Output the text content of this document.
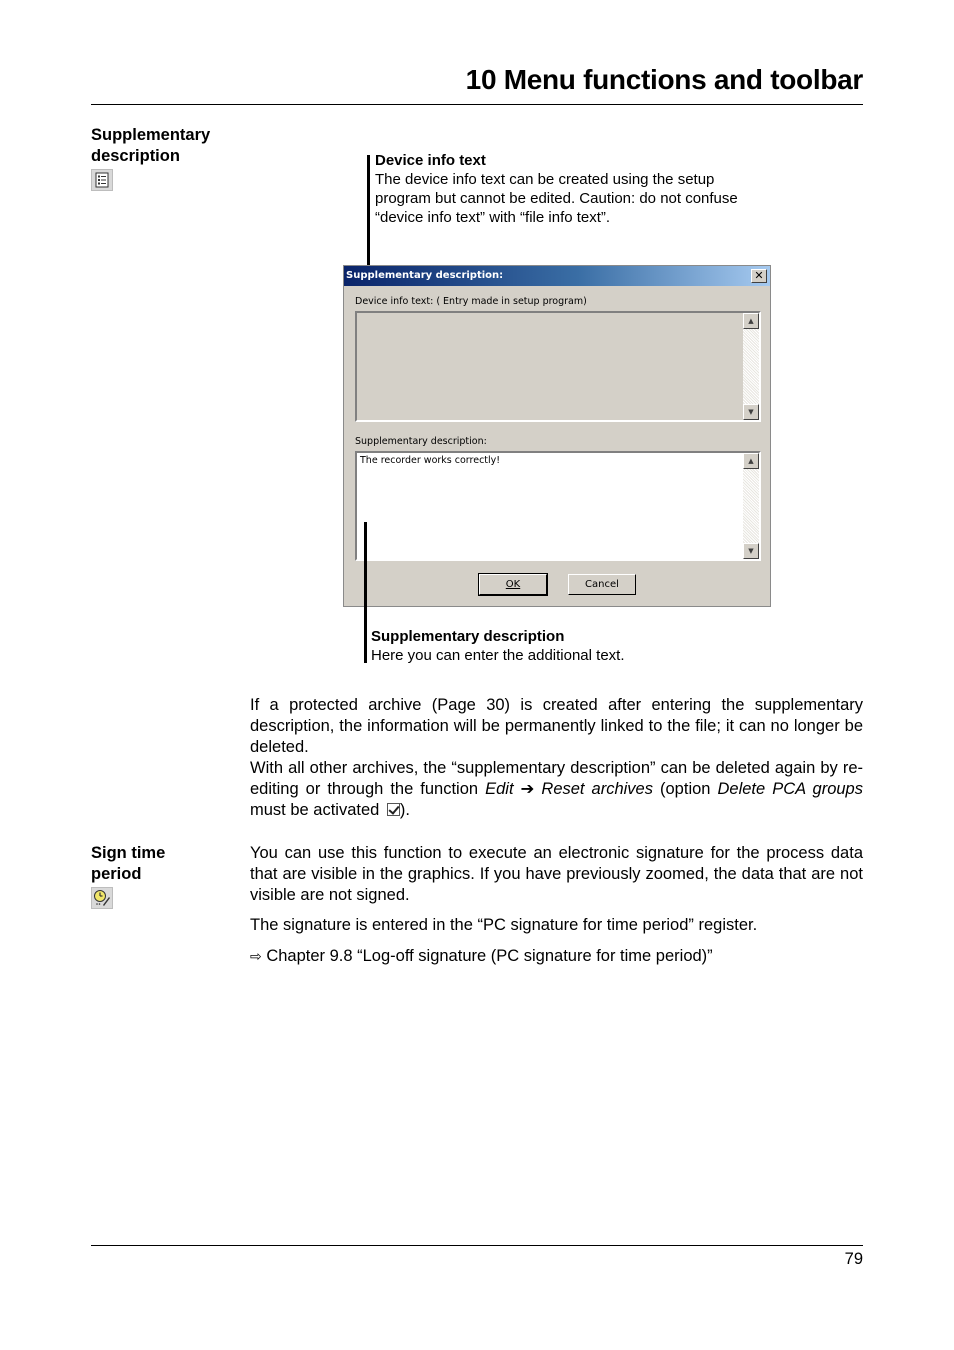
10 Menu functions and toolbar
Supplementary
description	Device info text
The device info text can be created using the setup
program but cannot be edited. Caution: do not confuse
“device info text” with “file info text”.
Supplementary description:	✕
Device info text: ( Entry made in setup program)
▲
▼
Supplementary description:
The recorder works correctly!	▲
▼
OK	Cancel
Supplementary description
Here you can enter the additional text.
If a protected archive (Page 30) is created after entering the supplementary description, the information will be permanently linked to the file; it can no longer be deleted.
With all other archives, the “supplementary description” can be deleted again by re-editing or through the function Edit ➔ Reset archives (option Delete PCA groups must be activated ).
Sign time
period
You can use this function to execute an electronic signature for the process data that are visible in the graphics. If you have previously zoomed, the data that are not visible are not signed.
The signature is entered in the “PC signature for time period” register.
⇨ Chapter 9.8 “Log-off signature (PC signature for time period)”
79
